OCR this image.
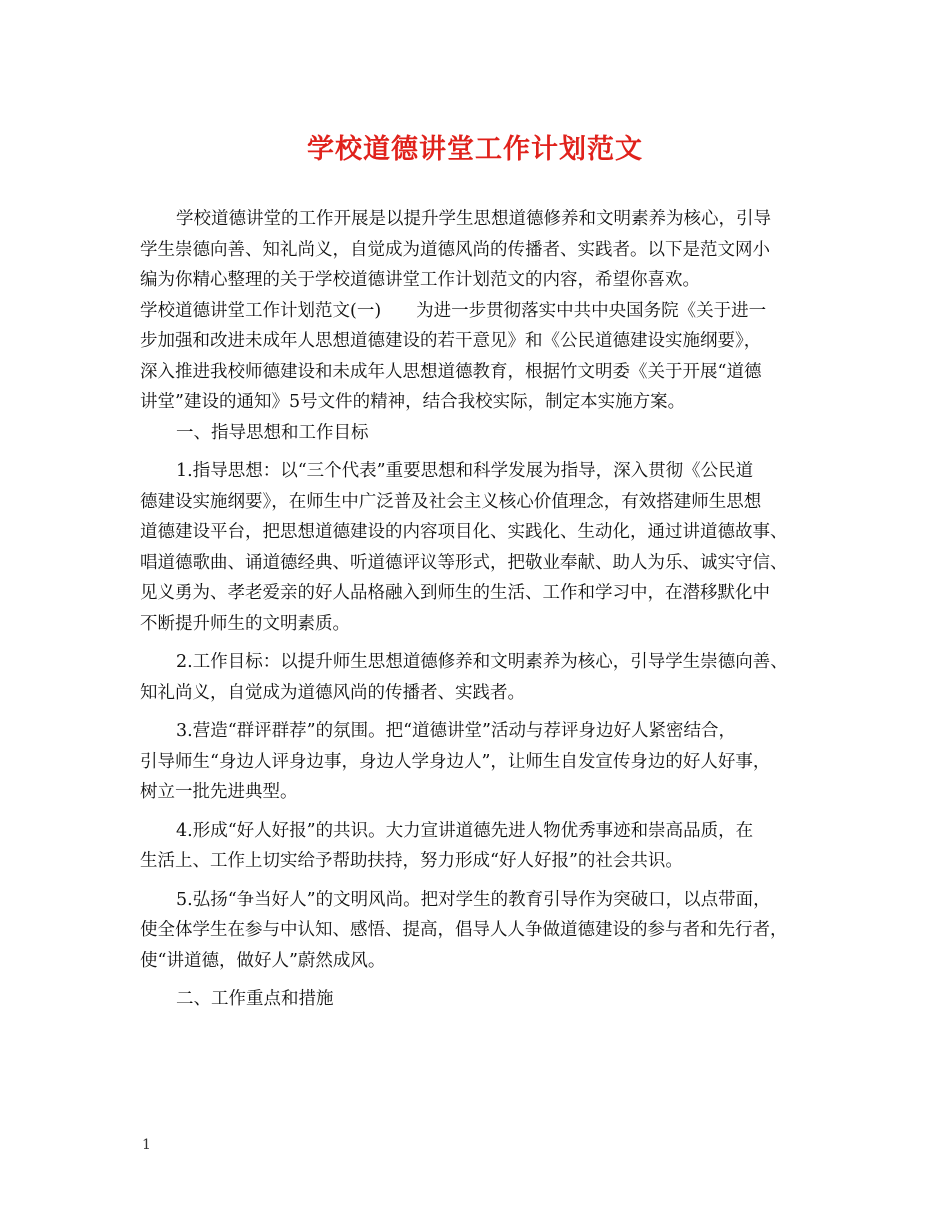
学校道德讲堂工作计划范文
学校道德讲堂的工作开展是以提升学生思想道德修养和文明素养为核心，引导
学生崇德向善、知礼尚义，自觉成为道德风尚的传播者、实践者。以下是范文网小
编为你精心整理的关于学校道德讲堂工作计划范文的内容，希望你喜欢。
学校道德讲堂工作计划范文(一)　　为进一步贯彻落实中共中央国务院《关于进一
步加强和改进未成年人思想道德建设的若干意见》和《公民道德建设实施纲要》，
深入推进我校师德建设和未成年人思想道德教育，根据竹文明委《关于开展“道德
讲堂”建设的通知》5号文件的精神，结合我校实际，制定本实施方案。
一、指导思想和工作目标
1.指导思想：以“三个代表”重要思想和科学发展为指导，深入贯彻《公民道
德建设实施纲要》，在师生中广泛普及社会主义核心价值理念，有效搭建师生思想
道德建设平台，把思想道德建设的内容项目化、实践化、生动化，通过讲道德故事、
唱道德歌曲、诵道德经典、听道德评议等形式，把敬业奉献、助人为乐、诚实守信、
见义勇为、孝老爱亲的好人品格融入到师生的生活、工作和学习中，在潜移默化中
不断提升师生的文明素质。
2.工作目标：以提升师生思想道德修养和文明素养为核心，引导学生崇德向善、
知礼尚义，自觉成为道德风尚的传播者、实践者。
3.营造“群评群荐”的氛围。把“道德讲堂”活动与荐评身边好人紧密结合，
引导师生“身边人评身边事，身边人学身边人”，让师生自发宣传身边的好人好事，
树立一批先进典型。
4.形成“好人好报”的共识。大力宣讲道德先进人物优秀事迹和崇高品质，在
生活上、工作上切实给予帮助扶持，努力形成“好人好报”的社会共识。
5.弘扬“争当好人”的文明风尚。把对学生的教育引导作为突破口，以点带面，
使全体学生在参与中认知、感悟、提高，倡导人人争做道德建设的参与者和先行者，
使“讲道德，做好人”蔚然成风。
二、工作重点和措施
1
